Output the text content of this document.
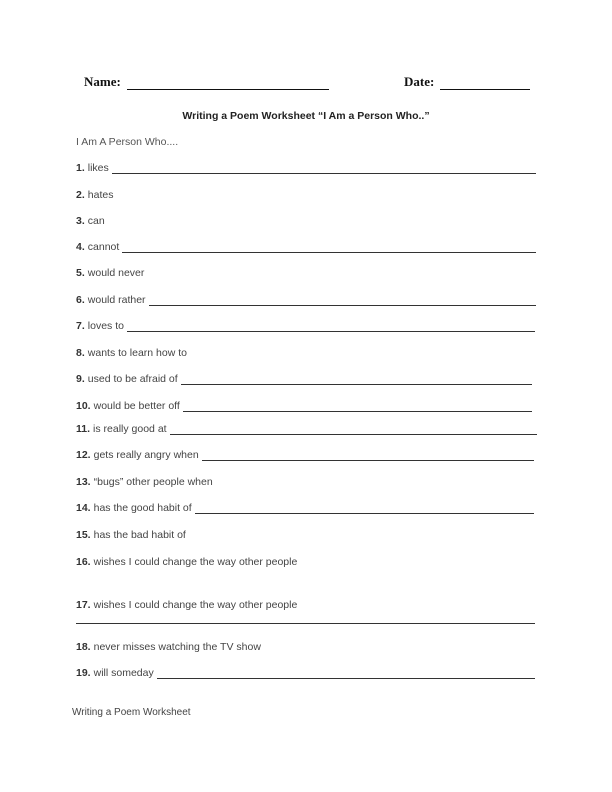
Name:	Date:
Writing a Poem Worksheet “I Am a Person Who..”
I Am A Person Who....
1. likes
2. hates
3. can
4. cannot
5. would never
6. would rather
7. loves to
8. wants to learn how to
9. used to be afraid of
10. would be better off
11. is really good at
12. gets really angry when
13. “bugs” other people when
14. has the good habit of
15. has the bad habit of
16. wishes I could change the way other people
17. wishes I could change the way other people
18. never misses watching the TV show
19. will someday
Writing a Poem Worksheet
